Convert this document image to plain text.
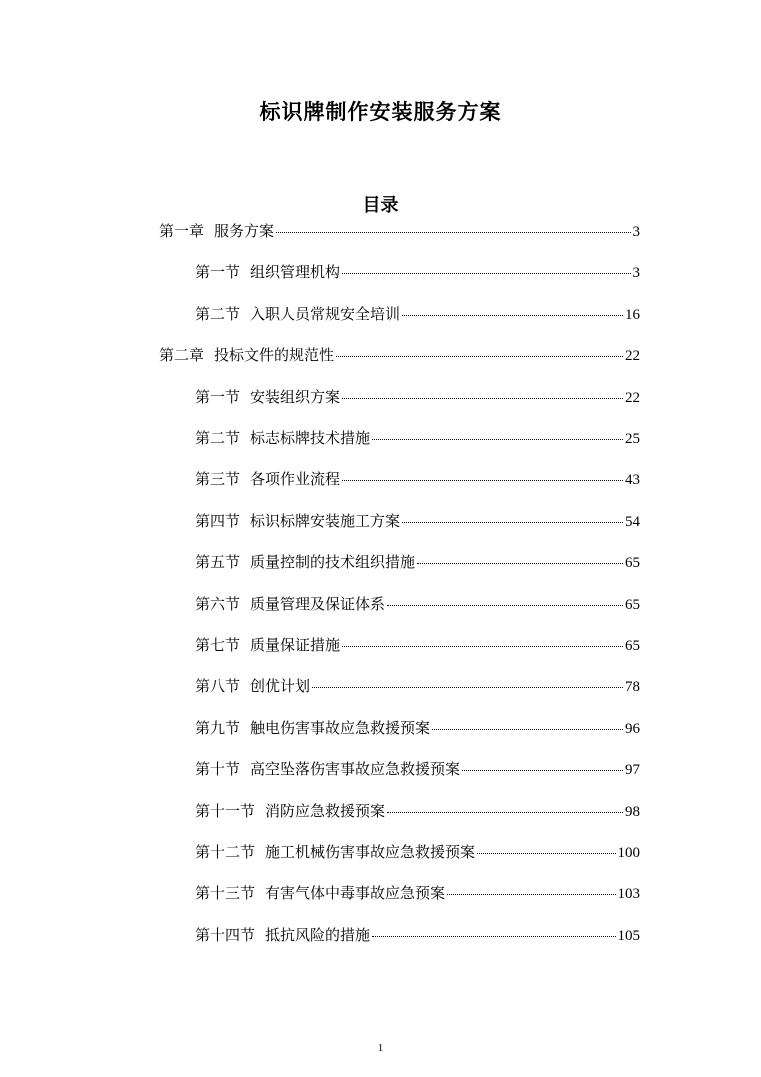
标识牌制作安装服务方案
目录
第一章 服务方案	3
第一节 组织管理机构	3
第二节 入职人员常规安全培训	16
第二章 投标文件的规范性	22
第一节 安装组织方案	22
第二节 标志标牌技术措施	25
第三节 各项作业流程	43
第四节 标识标牌安装施工方案	54
第五节 质量控制的技术组织措施	65
第六节 质量管理及保证体系	65
第七节 质量保证措施	65
第八节 创优计划	78
第九节 触电伤害事故应急救援预案	96
第十节 高空坠落伤害事故应急救援预案	97
第十一节 消防应急救援预案	98
第十二节 施工机械伤害事故应急救援预案	100
第十三节 有害气体中毒事故应急预案	103
第十四节 抵抗风险的措施	105
1
